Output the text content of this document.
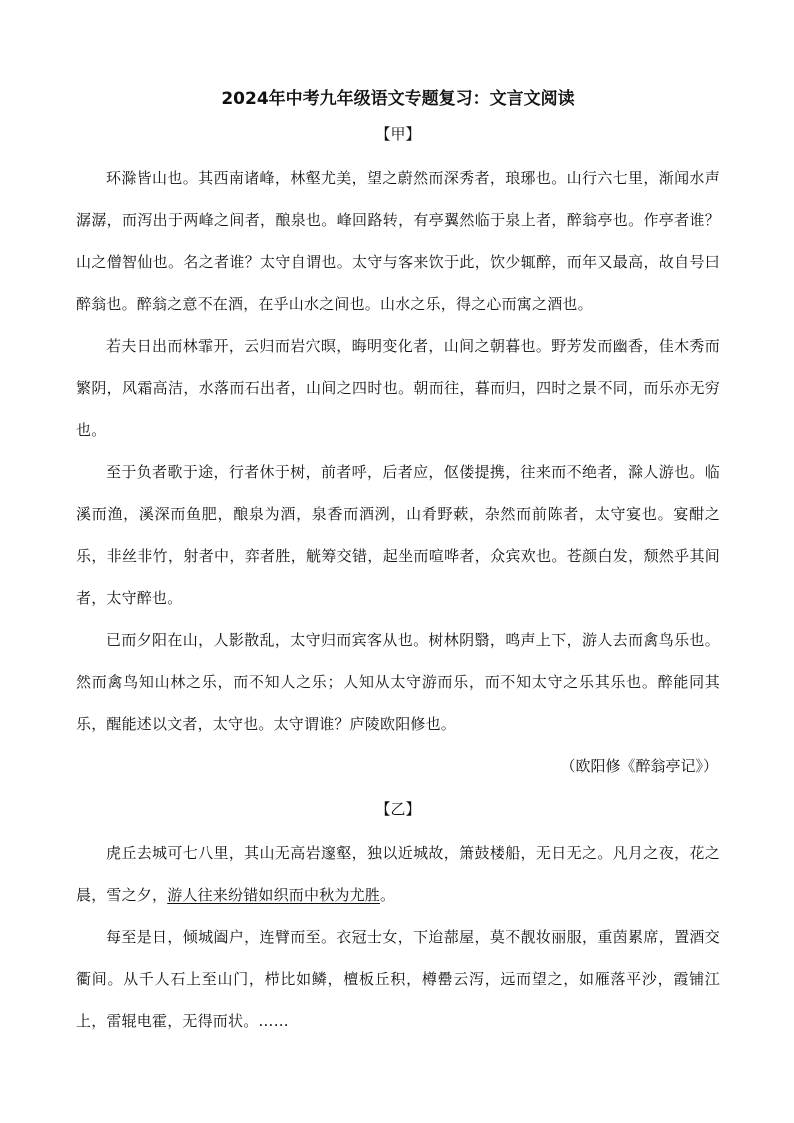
2024年中考九年级语文专题复习：文言文阅读
【甲】

环滁皆山也。其西南诸峰，林壑尤美，望之蔚然而深秀者，琅琊也。山行六七里，渐闻水声潺潺，而泻出于两峰之间者，酿泉也。峰回路转，有亭翼然临于泉上者，醉翁亭也。作亭者谁？山之僧智仙也。名之者谁？太守自谓也。太守与客来饮于此，饮少辄醉，而年又最高，故自号曰醉翁也。醉翁之意不在酒，在乎山水之间也。山水之乐，得之心而寓之酒也。

若夫日出而林霏开，云归而岩穴暝，晦明变化者，山间之朝暮也。野芳发而幽香，佳木秀而繁阴，风霜高洁，水落而石出者，山间之四时也。朝而往，暮而归，四时之景不同，而乐亦无穷也。

至于负者歌于途，行者休于树，前者呼，后者应，伛偻提携，往来而不绝者，滁人游也。临溪而渔，溪深而鱼肥，酿泉为酒，泉香而酒洌，山肴野蔌，杂然而前陈者，太守宴也。宴酣之乐，非丝非竹，射者中，弈者胜，觥筹交错，起坐而喧哗者，众宾欢也。苍颜白发，颓然乎其间者，太守醉也。

已而夕阳在山，人影散乱，太守归而宾客从也。树林阴翳，鸣声上下，游人去而禽鸟乐也。然而禽鸟知山林之乐，而不知人之乐；人知从太守游而乐，而不知太守之乐其乐也。醉能同其乐，醒能述以文者，太守也。太守谓谁？庐陵欧阳修也。

（欧阳修《醉翁亭记》）

【乙】

虎丘去城可七八里，其山无高岩邃壑，独以近城故，箫鼓楼船，无日无之。凡月之夜，花之晨，雪之夕，游人往来纷错如织而中秋为尤胜。

每至是日，倾城阖户，连臂而至。衣冠士女，下迨蔀屋，莫不靓妆丽服，重茵累席，置酒交衢间。从千人石上至山门，栉比如鳞，檀板丘积，樽罍云泻，远而望之，如雁落平沙，霞铺江上，雷辊电霍，无得而状。……
